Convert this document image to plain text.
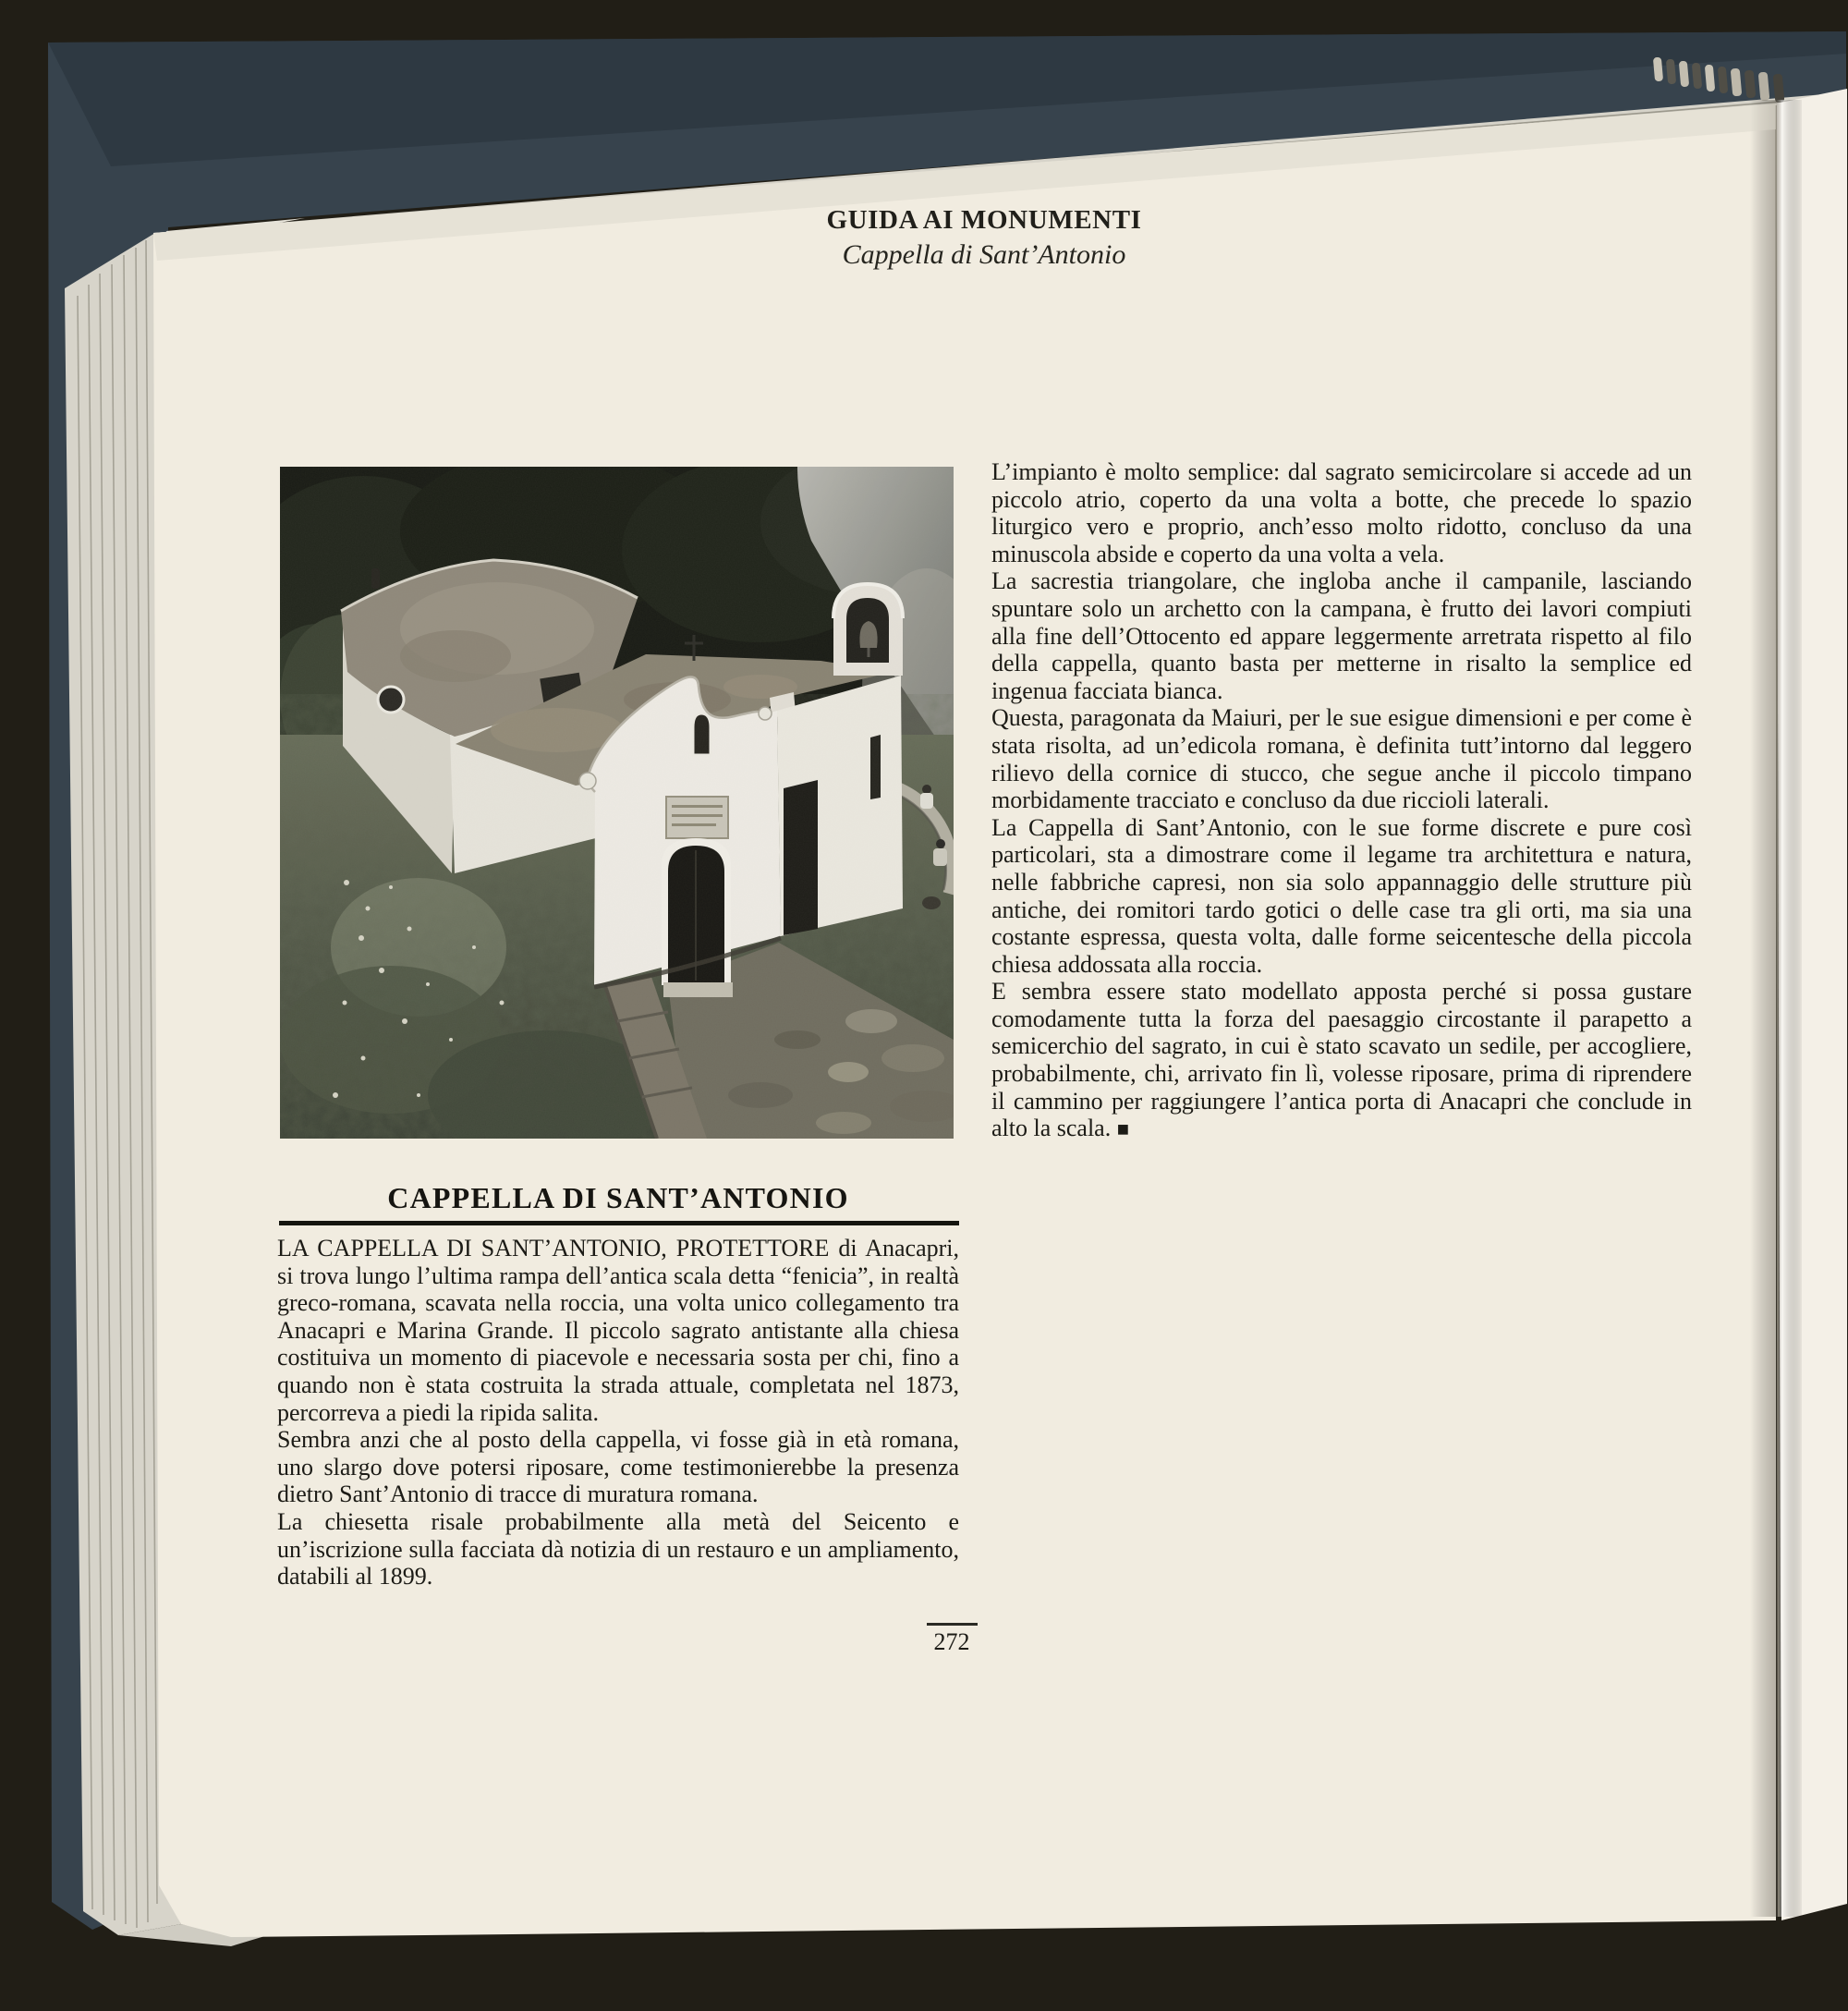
GUIDA AI MONUMENTI
Cappella di Sant’Antonio

L’impianto è molto semplice: dal sagrato semicircolare si accede ad un piccolo atrio, coperto da una volta a botte, che precede lo spazio liturgico vero e proprio, anch’esso molto ridotto, concluso da una minuscola abside e coperto da una volta a vela.

La sacrestia triangolare, che ingloba anche il campanile, lasciando spuntare solo un archetto con la campana, è frutto dei lavori compiuti alla fine dell’Ottocento ed appare leggermente arretrata rispetto al filo della cappella, quanto basta per metterne in risalto la semplice ed ingenua facciata bianca.

Questa, paragonata da Maiuri, per le sue esigue dimensioni e per come è stata risolta, ad un’edicola romana, è definita tutt’intorno dal leggero rilievo della cornice di stucco, che segue anche il piccolo timpano morbidamente tracciato e concluso da due riccioli laterali.

La Cappella di Sant’Antonio, con le sue forme discrete e pure così particolari, sta a dimostrare come il legame tra architettura e natura, nelle fabbriche capresi, non sia solo appannaggio delle strutture più antiche, dei romitori tardo gotici o delle case tra gli orti, ma sia una costante espressa, questa volta, dalle forme seicentesche della piccola chiesa addossata alla roccia.

E sembra essere stato modellato apposta perché si possa gustare comodamente tutta la forza del paesaggio circostante il parapetto a semicerchio del sagrato, in cui è stato scavato un sedile, per accogliere, probabilmente, chi, arrivato fin lì, volesse riposare, prima di riprendere il cammino per raggiungere l’antica porta di Anacapri che conclude in alto la scala. ■

CAPPELLA DI SANT’ANTONIO

LA CAPPELLA DI SANT’ANTONIO, PROTETTORE di Anacapri, si trova lungo l’ultima rampa dell’antica scala detta “fenicia”, in realtà greco-romana, scavata nella roccia, una volta unico collegamento tra Anacapri e Marina Grande. Il piccolo sagrato antistante alla chiesa costituiva un momento di piacevole e necessaria sosta per chi, fino a quando non è stata costruita la strada attuale, completata nel 1873, percorreva a piedi la ripida salita.

Sembra anzi che al posto della cappella, vi fosse già in età romana, uno slargo dove potersi riposare, come testimonierebbe la presenza dietro Sant’Antonio di tracce di muratura romana.

La chiesetta risale probabilmente alla metà del Seicento e un’iscrizione sulla facciata dà notizia di un restauro e un ampliamento, databili al 1899.

272
